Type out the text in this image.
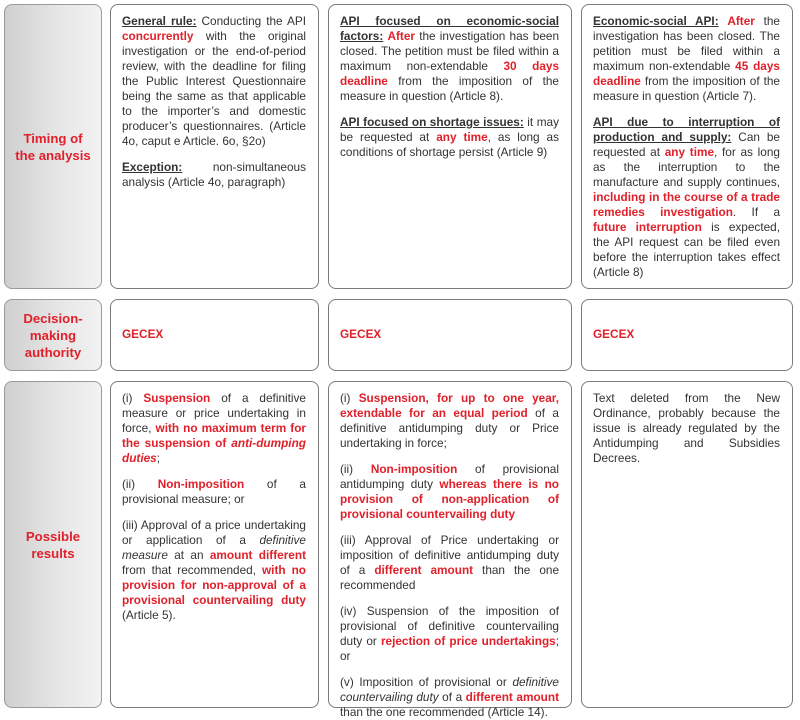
Timing of
the analysis

General rule: Conducting the API concurrently with the original investigation or the end-of-period review, with the deadline for filing the Public Interest Questionnaire being the same as that applicable to the importer’s and domestic producer’s questionnaires. (Article 4o, caput e Article. 6o, §2o)

Exception: non-simultaneous analysis (Article 4o, paragraph)

API focused on economic-social factors: After the investigation has been closed. The petition must be filed within a maximum non-extendable 30 days deadline from the imposition of the measure in question (Article 8).

API focused on shortage issues: it may be requested at any time, as long as conditions of shortage persist (Article 9)

Economic-social API: After the investigation has been closed. The petition must be filed within a maximum non-extendable 45 days deadline from the imposition of the measure in question (Article 7).

API due to interruption of production and supply: Can be requested at any time, for as long as the interruption to the manufacture and supply continues, including in the course of a trade remedies investigation. If a future interruption is expected, the API request can be filed even before the interruption takes effect (Article 8)

Decision-
making
authority
GECEX	GECEX	GECEX
Possible results

(i) Suspension of a definitive measure or price undertaking in force, with no maximum term for the suspension of anti-dumping duties;

(ii) Non-imposition of a provisional measure; or

(iii) Approval of a price undertaking or application of a definitive measure at an amount different from that recommended, with no provision for non-approval of a provisional countervailing duty (Article 5).

(i) Suspension, for up to one year, extendable for an equal period of a definitive antidumping duty or Price undertaking in force;

(ii) Non-imposition of provisional antidumping duty whereas there is no provision of non-application of provisional countervailing duty

(iii) Approval of Price undertaking or imposition of definitive antidumping duty of a different amount than the one recommended

(iv) Suspension of the imposition of provisional of definitive countervailing duty or rejection of price undertakings; or

(v) Imposition of provisional or definitive countervailing duty of a different amount than the one recommended (Article 14).

Text deleted from the New Ordinance, probably because the issue is already regulated by the Antidumping and Subsidies Decrees.
